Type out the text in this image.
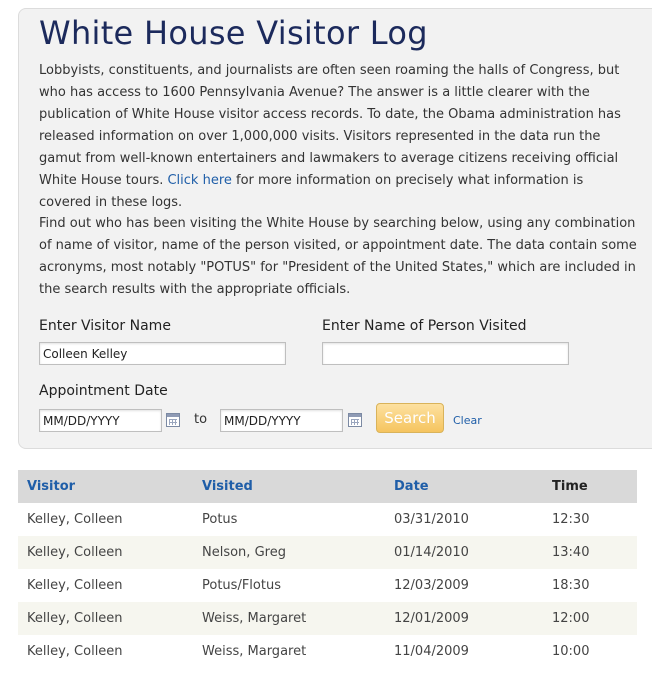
White House Visitor Log

Lobbyists, constituents, and journalists are often seen roaming the halls of Congress, but who has access to 1600 Pennsylvania Avenue? The answer is a little clearer with the publication of White House visitor access records. To date, the Obama administration has released information on over 1,000,000 visits. Visitors represented in the data run the gamut from well-known entertainers and lawmakers to average citizens receiving official White House tours. Click here for more information on precisely what information is covered in these logs.

Find out who has been visiting the White House by searching below, using any combination of name of visitor, name of the person visited, or appointment date. The data contain some acronyms, most notably "POTUS" for "President of the United States," which are included in the search results with the appropriate officials.

Enter Visitor Name
Colleen Kelley	Enter Name of Person Visited
Appointment Date
MM/DD/YYYY
to
MM/DD/YYYY	Search	Clear
Visitor	Visited	Date	Time
Kelley, Colleen	Potus	03/31/2010	12:30
Kelley, Colleen	Nelson, Greg	01/14/2010	13:40
Kelley, Colleen	Potus/Flotus	12/03/2009	18:30
Kelley, Colleen	Weiss, Margaret	12/01/2009	12:00
Kelley, Colleen	Weiss, Margaret	11/04/2009	10:00
